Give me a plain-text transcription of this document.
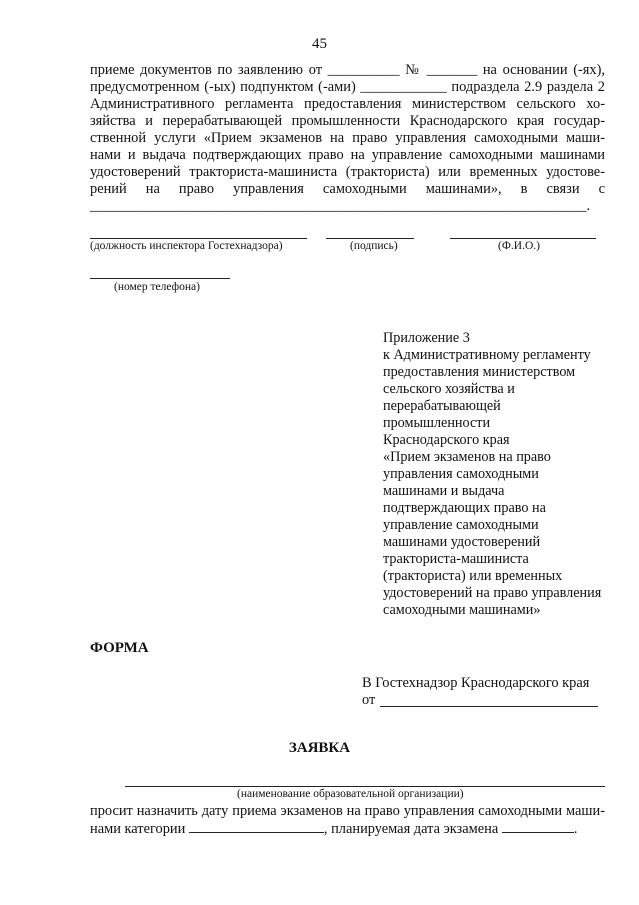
45
приеме документов по заявлению от __________ № _______ на основании (-ях),
предусмотренном (-ых) подпунктом (-ами) ____________ подраздела 2.9 раздела 2
Административного регламента предоставления министерством сельского хо-
зяйства и перерабатывающей промышленности Краснодарского края государ-
ственной услуги «Прием экзаменов на право управления самоходными маши-
нами и выдача подтверждающих право на управление самоходными машинами
удостоверений тракториста-машиниста (тракториста) или временных удостове-
рений на право управления самоходными машинами», в связи с
_____________________________________________________________________.
(должность инспектора Гостехнадзора)	(подпись)	(Ф.И.О.)
(номер телефона)
Приложение 3
к Административному регламенту
предоставления министерством
сельского хозяйства и
перерабатывающей
промышленности
Краснодарского края
«Прием экзаменов на право
управления самоходными
машинами и выдача
подтверждающих право на
управление самоходными
машинами удостоверений
тракториста-машиниста
(тракториста) или временных
удостоверений на право управления
самоходными машинами»
ФОРМА
В Гостехнадзор Краснодарского края
от
ЗАЯВКА
(наименование образовательной организации)
просит назначить дату приема экзаменов на право управления самоходными маши-
нами категории	, планируемая дата экзамена	.
